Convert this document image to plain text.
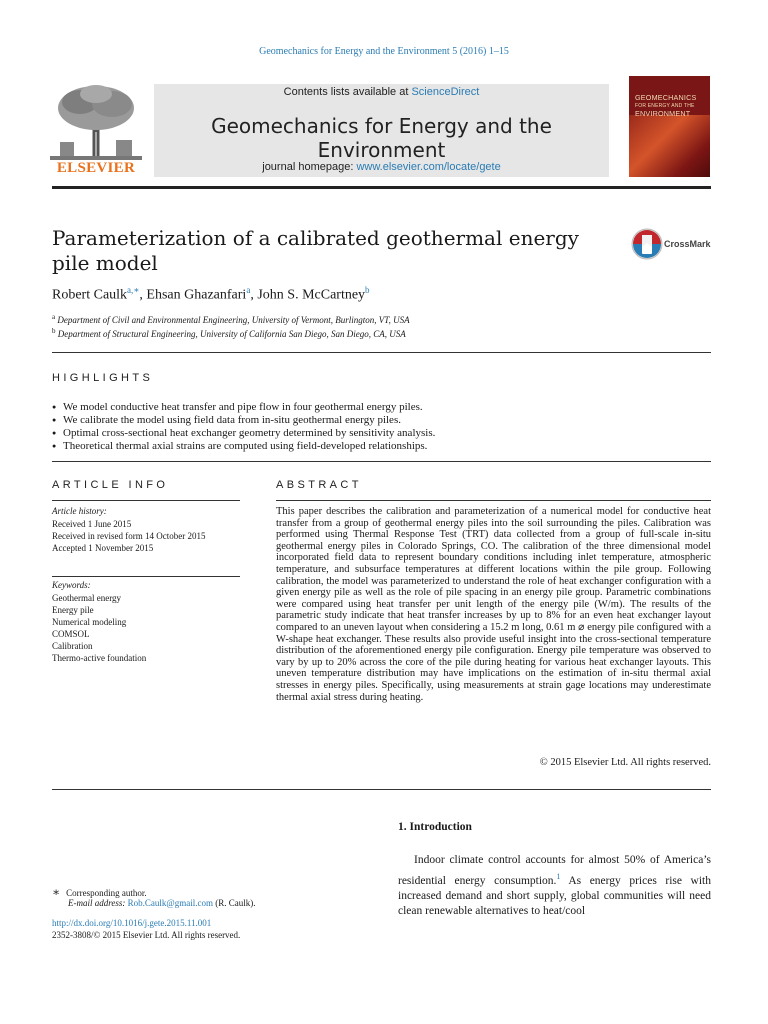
Geomechanics for Energy and the Environment 5 (2016) 1–15
ELSEVIER
Contents lists available at ScienceDirect
Geomechanics for Energy and the Environment
journal homepage: www.elsevier.com/locate/gete
GEOMECHANICS
FOR ENERGY AND THE
ENVIRONMENT
Parameterization of a calibrated geothermal energy pile model
CrossMark
Robert Caulk$^{a,∗}$, Ehsan Ghazanfari$^a$, John S. McCartney$^b$
$^a$ Department of Civil and Environmental Engineering, University of Vermont, Burlington, VT, USA
$^b$ Department of Structural Engineering, University of California San Diego, San Diego, CA, USA
HIGHLIGHTS
● We model conductive heat transfer and pipe flow in four geothermal energy piles.
● We calibrate the model using field data from in-situ geothermal energy piles.
● Optimal cross-sectional heat exchanger geometry determined by sensitivity analysis.
● Theoretical thermal axial strains are computed using field-developed relationships.
ARTICLE INFO
Article history:
Received 1 June 2015
Received in revised form 14 October 2015
Accepted 1 November 2015
Keywords:
Geothermal energy
Energy pile
Numerical modeling
COMSOL
Calibration
Thermo-active foundation
ABSTRACT
This paper describes the calibration and parameterization of a numerical model for conductive heat transfer from a group of geothermal energy piles into the soil surrounding the piles. Calibration was performed using Thermal Response Test (TRT) data collected from a group of full-scale in-situ geothermal energy piles in Colorado Springs, CO. The calibration of the three dimensional model incorporated field data to represent boundary conditions including inlet temperature, atmospheric temperature, and subsurface temperatures at different locations within the pile group. Following calibration, the model was parameterized to understand the role of heat exchanger configuration with a given energy pile as well as the role of pile spacing in an energy pile group. Parametric combinations were compared using heat transfer per unit length of the energy pile (W/m). The results of the parametric study indicate that heat transfer increases by up to 8% for an even heat exchanger layout compared to an uneven layout when considering a 15.2 m long, 0.61 m ⌀ energy pile configured with a W-shape heat exchanger. These results also provide useful insight into the cross-sectional temperature distribution of the aforementioned energy pile configuration. Energy pile temperature was observed to vary by up to 20% across the core of the pile during heating for various heat exchanger layouts. This uneven temperature distribution may have implications on the estimation of in-situ thermal axial stresses in energy piles. Specifically, using measurements at strain gage locations may underestimate thermal axial stress during heating.
© 2015 Elsevier Ltd. All rights reserved.
1. Introduction
Indoor climate control accounts for almost 50% of America’s residential energy consumption.$^1$ As energy prices rise with increased demand and short supply, global communities will need clean renewable alternatives to heat/cool
∗ Corresponding author.
E-mail address: Rob.Caulk@gmail.com (R. Caulk).
http://dx.doi.org/10.1016/j.gete.2015.11.001
2352-3808/© 2015 Elsevier Ltd. All rights reserved.
